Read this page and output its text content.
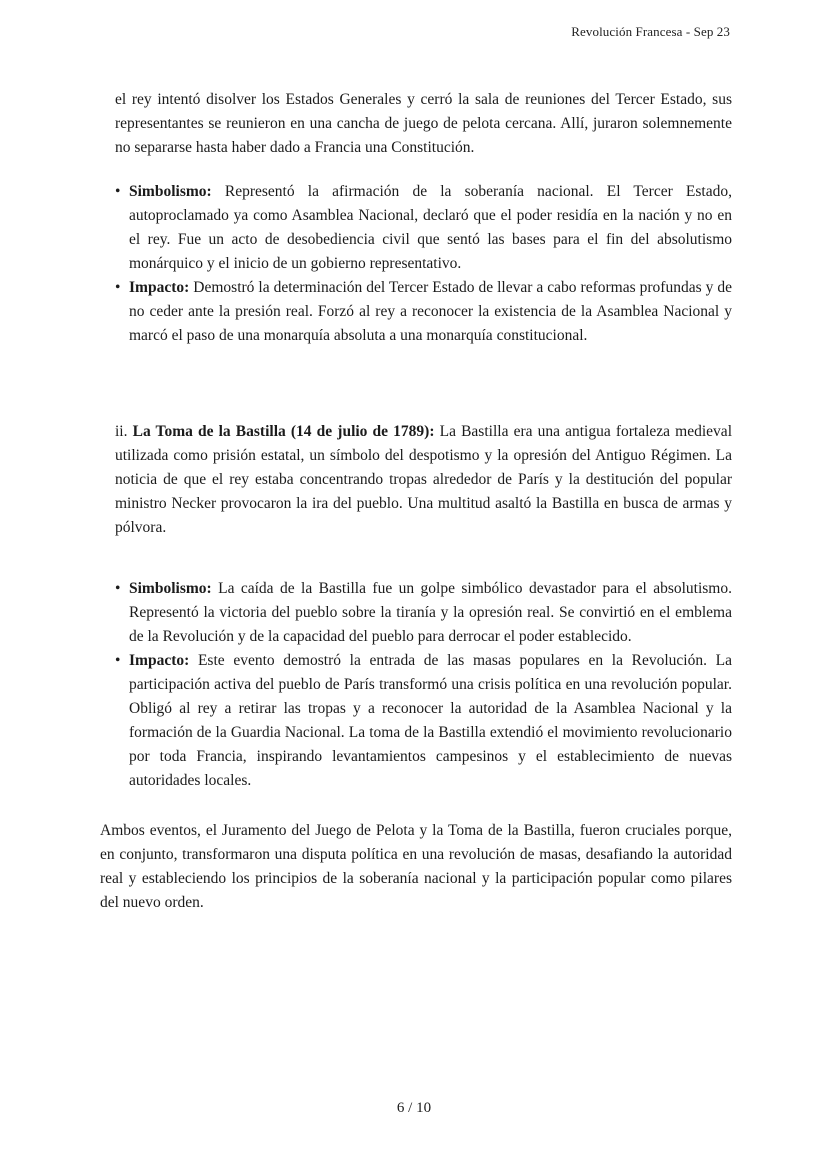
Revolución Francesa - Sep 23

el rey intentó disolver los Estados Generales y cerró la sala de reuniones del Tercer Estado, sus representantes se reunieron en una cancha de juego de pelota cercana. Allí, juraron solemnemente no separarse hasta haber dado a Francia una Constitución.

• Simbolismo: Representó la afirmación de la soberanía nacional. El Tercer Estado, autoproclamado ya como Asamblea Nacional, declaró que el poder residía en la nación y no en el rey. Fue un acto de desobediencia civil que sentó las bases para el fin del absolutismo monárquico y el inicio de un gobierno representativo.
• Impacto: Demostró la determinación del Tercer Estado de llevar a cabo reformas profundas y de no ceder ante la presión real. Forzó al rey a reconocer la existencia de la Asamblea Nacional y marcó el paso de una monarquía absoluta a una monarquía constitucional.

ii. La Toma de la Bastilla (14 de julio de 1789): La Bastilla era una antigua fortaleza medieval utilizada como prisión estatal, un símbolo del despotismo y la opresión del Antiguo Régimen. La noticia de que el rey estaba concentrando tropas alrededor de París y la destitución del popular ministro Necker provocaron la ira del pueblo. Una multitud asaltó la Bastilla en busca de armas y pólvora.

• Simbolismo: La caída de la Bastilla fue un golpe simbólico devastador para el absolutismo. Representó la victoria del pueblo sobre la tiranía y la opresión real. Se convirtió en el emblema de la Revolución y de la capacidad del pueblo para derrocar el poder establecido.
• Impacto: Este evento demostró la entrada de las masas populares en la Revolución. La participación activa del pueblo de París transformó una crisis política en una revolución popular. Obligó al rey a retirar las tropas y a reconocer la autoridad de la Asamblea Nacional y la formación de la Guardia Nacional. La toma de la Bastilla extendió el movimiento revolucionario por toda Francia, inspirando levantamientos campesinos y el establecimiento de nuevas autoridades locales.

Ambos eventos, el Juramento del Juego de Pelota y la Toma de la Bastilla, fueron cruciales porque, en conjunto, transformaron una disputa política en una revolución de masas, desafiando la autoridad real y estableciendo los principios de la soberanía nacional y la participación popular como pilares del nuevo orden.

6 / 10
